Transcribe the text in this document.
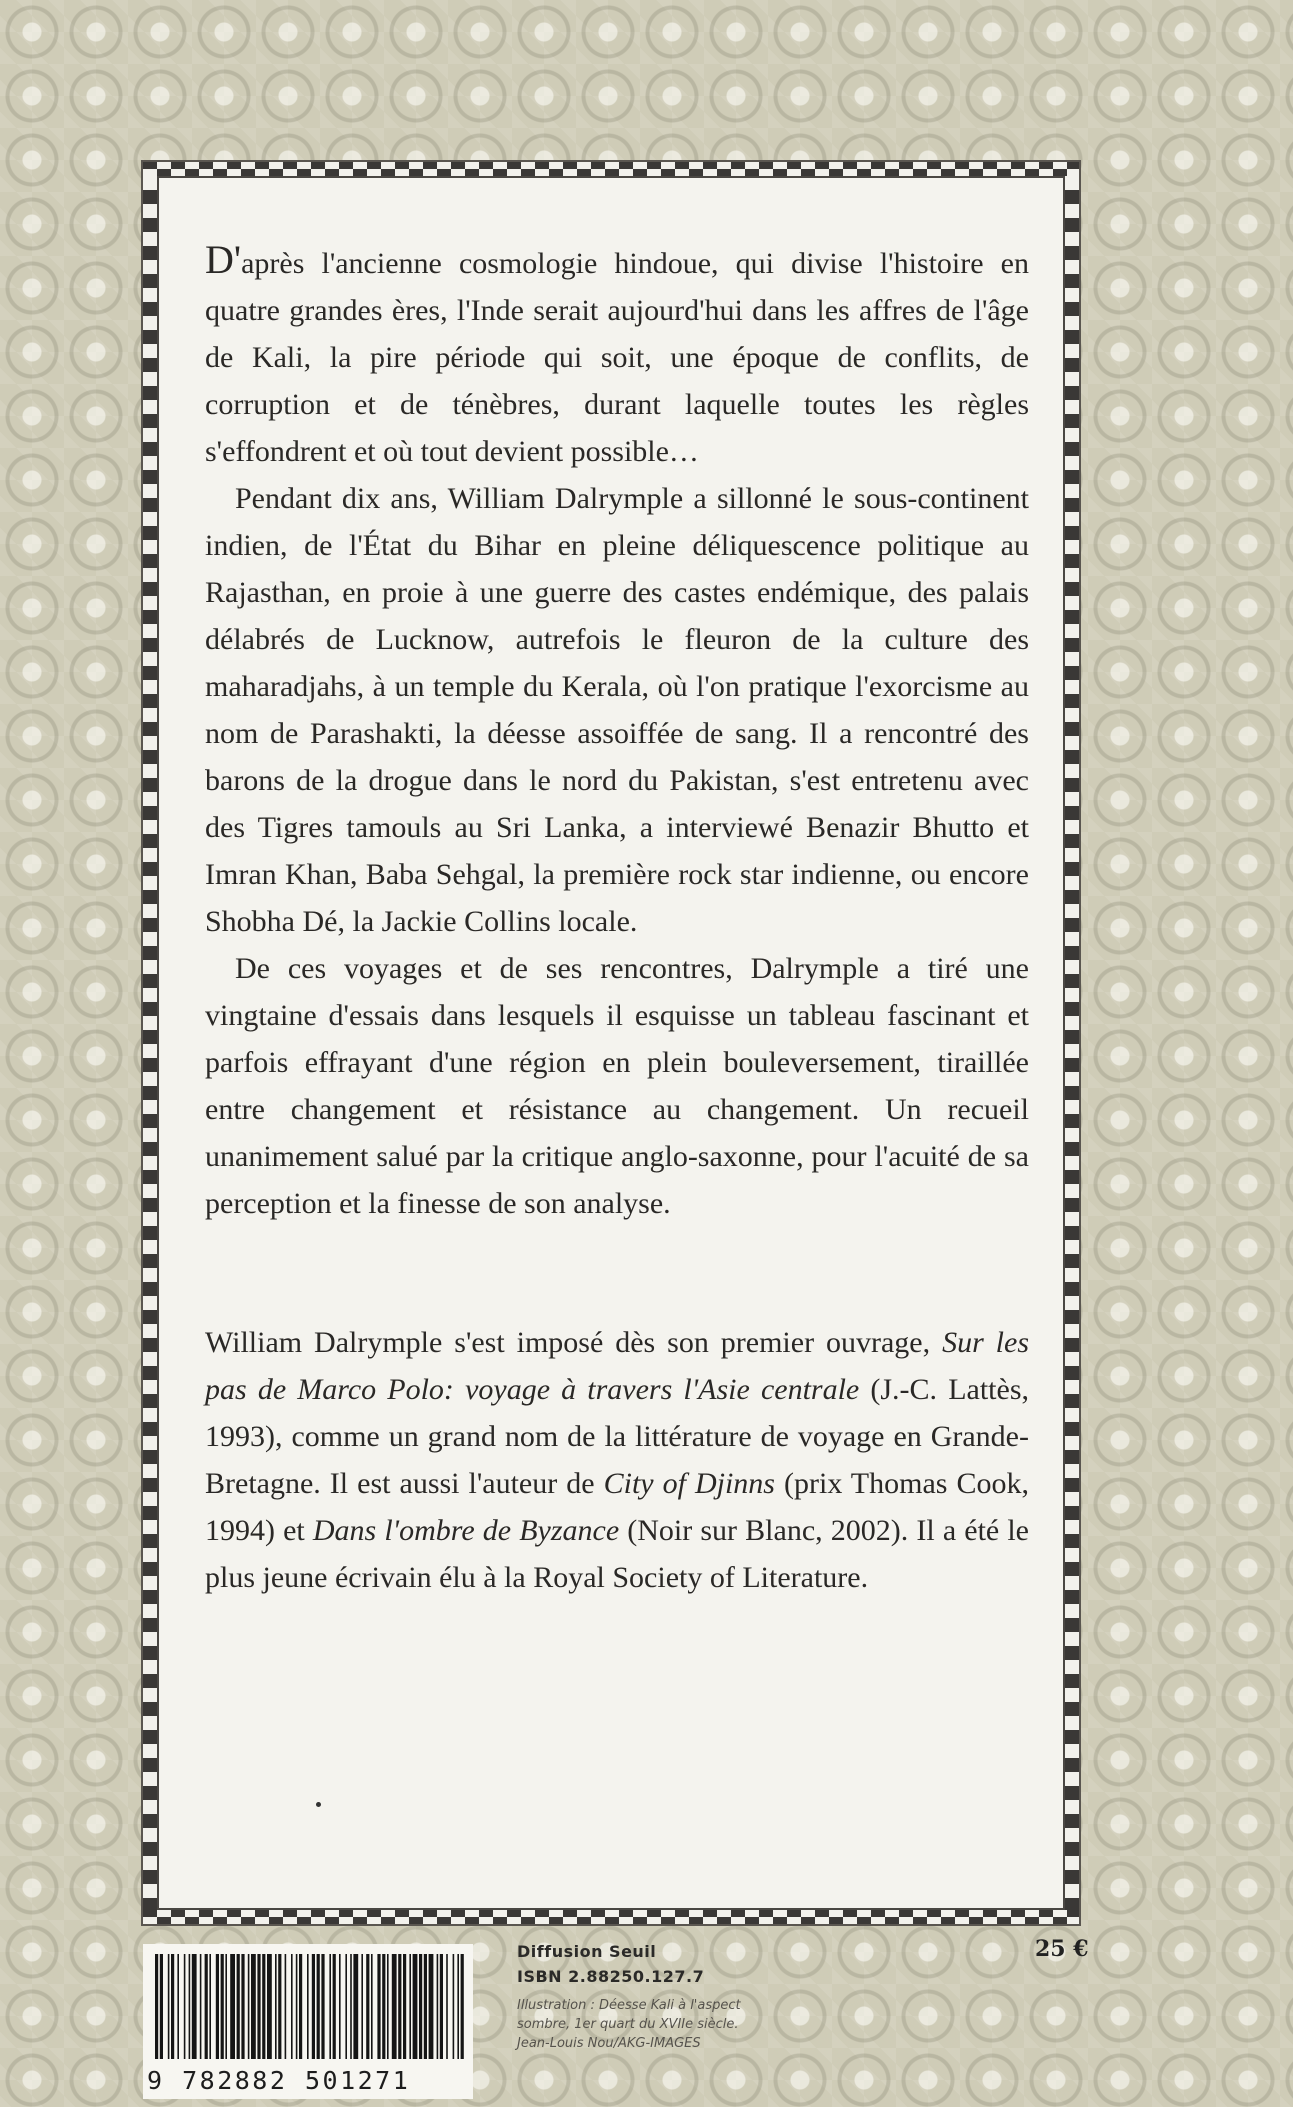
D'après l'ancienne cosmologie hindoue, qui divise l'histoire en quatre grandes ères, l'Inde serait aujourd'hui dans les affres de l'âge de Kali, la pire période qui soit, une époque de conflits, de corruption et de ténèbres, durant laquelle toutes les règles s'effondrent et où tout devient possible…

Pendant dix ans, William Dalrymple a sillonné le sous-continent indien, de l'État du Bihar en pleine déliquescence politique au Rajasthan, en proie à une guerre des castes endémique, des palais délabrés de Lucknow, autrefois le fleuron de la culture des maharadjahs, à un temple du Kerala, où l'on pratique l'exorcisme au nom de Parashakti, la déesse assoiffée de sang. Il a rencontré des barons de la drogue dans le nord du Pakistan, s'est entretenu avec des Tigres tamouls au Sri Lanka, a interviewé Benazir Bhutto et Imran Khan, Baba Sehgal, la première rock star indienne, ou encore Shobha Dé, la Jackie Collins locale.

De ces voyages et de ses rencontres, Dalrymple a tiré une vingtaine d'essais dans lesquels il esquisse un tableau fascinant et parfois effrayant d'une région en plein bouleversement, tiraillée entre changement et résistance au changement. Un recueil unanimement salué par la critique anglo-saxonne, pour l'acuité de sa perception et la finesse de son analyse.

William Dalrymple s'est imposé dès son premier ouvrage, Sur les pas de Marco Polo: voyage à travers l'Asie centrale (J.-C. Lattès, 1993), comme un grand nom de la littérature de voyage en Grande-Bretagne. Il est aussi l'auteur de City of Djinns (prix Thomas Cook, 1994) et Dans l'ombre de Byzance (Noir sur Blanc, 2002). Il a été le plus jeune écrivain élu à la Royal Society of Literature.

9 782882 501271
Diffusion Seuil
ISBN 2.88250.127.7
Illustration : Déesse Kali à l'aspect
sombre, 1er quart du XVIIe siècle.
Jean-Louis Nou/AKG-IMAGES
25 €
